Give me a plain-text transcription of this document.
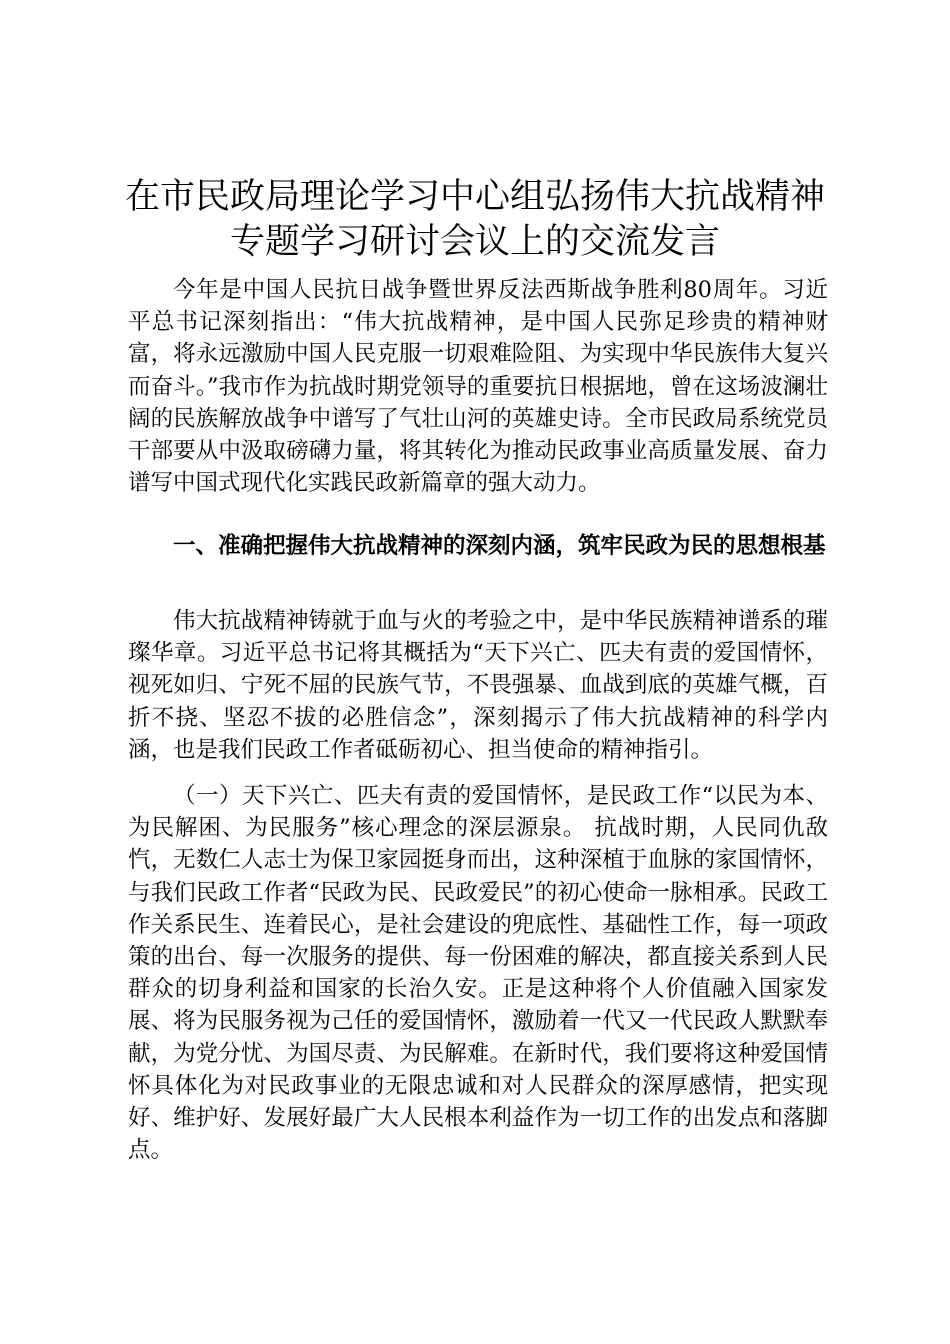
在市民政局理论学习中心组弘扬伟大抗战精神
专题学习研讨会议上的交流发言

今年是中国人民抗日战争暨世界反法西斯战争胜利80周年。习近平总书记深刻指出：“伟大抗战精神，是中国人民弥足珍贵的精神财富，将永远激励中国人民克服一切艰难险阻、为实现中华民族伟大复兴而奋斗。”我市作为抗战时期党领导的重要抗日根据地，曾在这场波澜壮阔的民族解放战争中谱写了气壮山河的英雄史诗。全市民政局系统党员干部要从中汲取磅礴力量，将其转化为推动民政事业高质量发展、奋力谱写中国式现代化实践民政新篇章的强大动力。

一、准确把握伟大抗战精神的深刻内涵，筑牢民政为民的思想根基

伟大抗战精神铸就于血与火的考验之中，是中华民族精神谱系的璀璨华章。习近平总书记将其概括为“天下兴亡、匹夫有责的爱国情怀，视死如归、宁死不屈的民族气节，不畏强暴、血战到底的英雄气概，百折不挠、坚忍不拔的必胜信念”，深刻揭示了伟大抗战精神的科学内涵，也是我们民政工作者砥砺初心、担当使命的精神指引。

（一）天下兴亡、匹夫有责的爱国情怀，是民政工作“以民为本、为民解困、为民服务”核心理念的深层源泉。 抗战时期，人民同仇敌忾，无数仁人志士为保卫家园挺身而出，这种深植于血脉的家国情怀，与我们民政工作者“民政为民、民政爱民”的初心使命一脉相承。民政工作关系民生、连着民心，是社会建设的兜底性、基础性工作，每一项政策的出台、每一次服务的提供、每一份困难的解决，都直接关系到人民群众的切身利益和国家的长治久安。正是这种将个人价值融入国家发展、将为民服务视为己任的爱国情怀，激励着一代又一代民政人默默奉献，为党分忧、为国尽责、为民解难。在新时代，我们要将这种爱国情怀具体化为对民政事业的无限忠诚和对人民群众的深厚感情，把实现好、维护好、发展好最广大人民根本利益作为一切工作的出发点和落脚点。
